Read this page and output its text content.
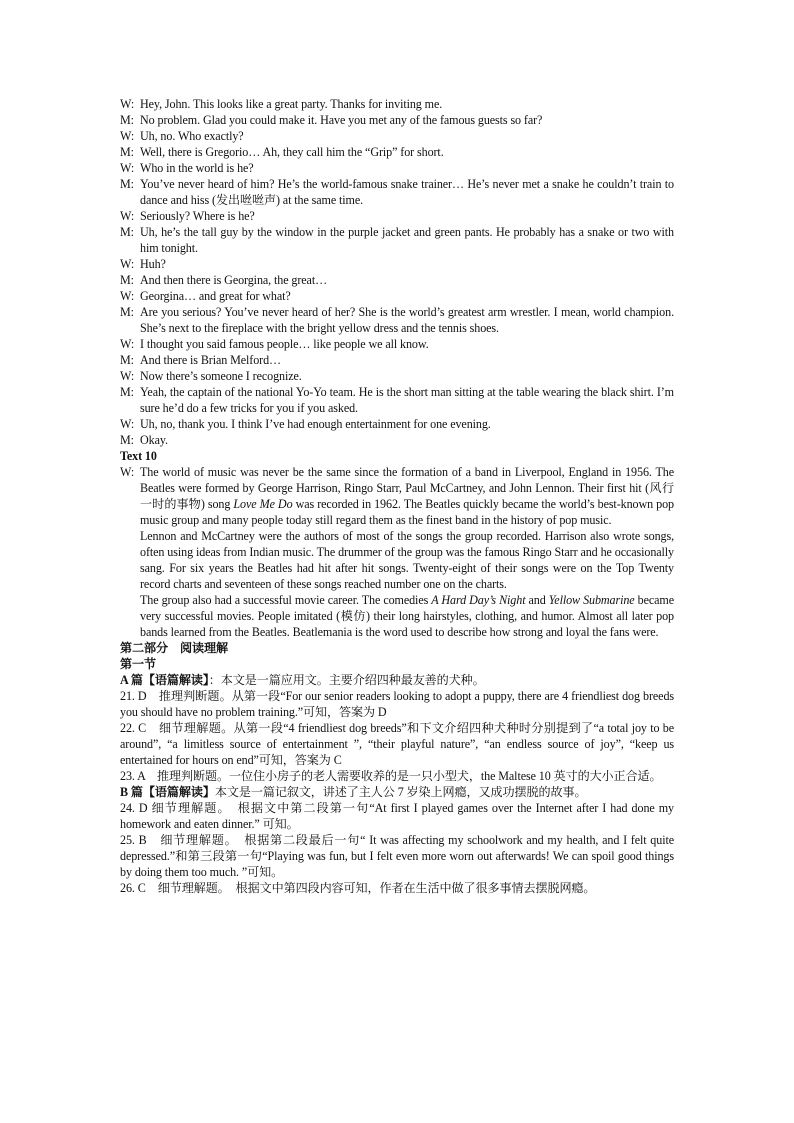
W: Hey, John. This looks like a great party. Thanks for inviting me.
M: No problem. Glad you could make it. Have you met any of the famous guests so far?
W: Uh, no. Who exactly?
M: Well, there is Gregorio… Ah, they call him the “Grip” for short.
W: Who in the world is he?
M: You’ve never heard of him? He’s the world-famous snake trainer… He’s never met a snake he couldn’t train to dance and hiss (发出咝咝声) at the same time.
W: Seriously? Where is he?
M: Uh, he’s the tall guy by the window in the purple jacket and green pants. He probably has a snake or two with him tonight.
W: Huh?
M: And then there is Georgina, the great…
W: Georgina… and great for what?
M: Are you serious? You’ve never heard of her? She is the world’s greatest arm wrestler. I mean, world champion. She’s next to the fireplace with the bright yellow dress and the tennis shoes.
W: I thought you said famous people… like people we all know.
M: And there is Brian Melford…
W: Now there’s someone I recognize.
M: Yeah, the captain of the national Yo-Yo team. He is the short man sitting at the table wearing the black shirt. I’m sure he’d do a few tricks for you if you asked.
W: Uh, no, thank you. I think I’ve had enough entertainment for one evening.
M: Okay.
Text 10
W: The world of music was never be the same since the formation of a band in Liverpool, England in 1956. The Beatles were formed by George Harrison, Ringo Starr, Paul McCartney, and John Lennon. Their first hit (风行一时的事物) song Love Me Do was recorded in 1962. The Beatles quickly became the world’s best-known pop music group and many people today still regard them as the finest band in the history of pop music.
Lennon and McCartney were the authors of most of the songs the group recorded. Harrison also wrote songs, often using ideas from Indian music. The drummer of the group was the famous Ringo Starr and he occasionally sang. For six years the Beatles had hit after hit songs. Twenty-eight of their songs were on the Top Twenty record charts and seventeen of these songs reached number one on the charts.
The group also had a successful movie career. The comedies A Hard Day’s Night and Yellow Submarine became very successful movies. People imitated (模仿) their long hairstyles, clothing, and humor. Almost all later pop bands learned from the Beatles. Beatlemania is the word used to describe how strong and loyal the fans were.
第二部分　阅读理解
第一节
A 篇【语篇解读】：本文是一篇应用文。主要介绍四种最友善的犬种。
21. D　推理判断题。从第一段“For our senior readers looking to adopt a puppy, there are 4 friendliest dog breeds you should have no problem training.”可知，答案为 D
22. C　细节理解题。从第一段“4 friendliest dog breeds”和下文介绍四种犬种时分别提到了“a total joy to be around”, “a limitless source of entertainment ”, “their playful nature”, “an endless source of joy”, “keep us entertained for hours on end”可知，答案为 C
23. A　推理判断题。一位住小房子的老人需要收养的是一只小型犬，the Maltese 10 英寸的大小正合适。
B 篇【语篇解读】本文是一篇记叙文，讲述了主人公 7 岁染上网瘾，又成功摆脱的故事。
24. D 细节理解题。　根据文中第二段第一句“At first I played games over the Internet after I had done my homework and eaten dinner.” 可知。
25. B　细节理解题。　根据第二段最后一句“ It was affecting my schoolwork and my health, and I felt quite depressed.”和第三段第一句“Playing was fun, but I felt even more worn out afterwards! We can spoil good things by doing them too much. ”可知。
26. C　细节理解题。　根据文中第四段内容可知，作者在生活中做了很多事情去摆脱网瘾。
